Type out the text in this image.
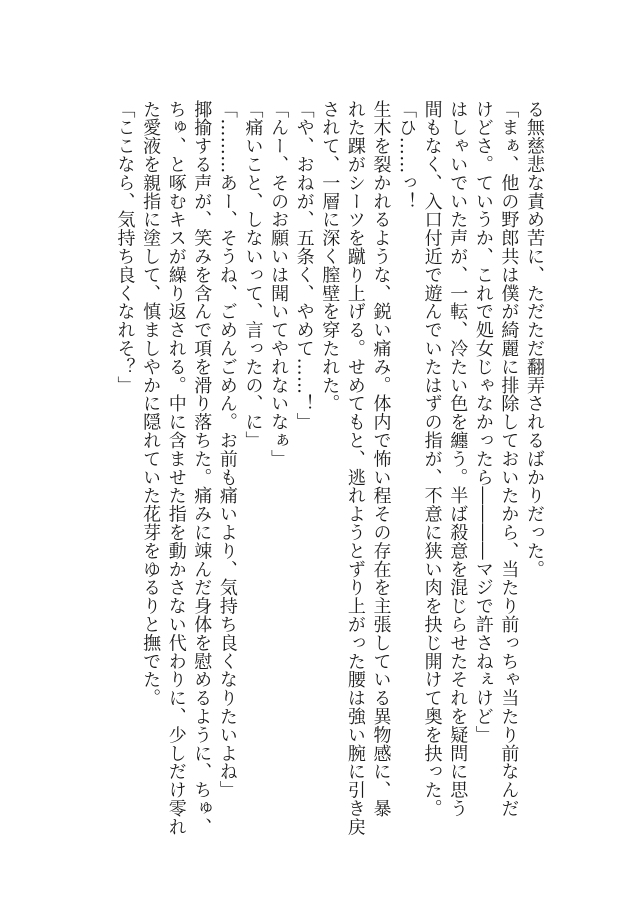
る無慈悲な責め苦に、ただただ翻弄されるばかりだった。
「まぁ、他の野郎共は僕が綺麗に排除しておいたから、当たり前っちゃ当たり前なんだ
けどさ。ていうか、これで処女じゃなかったら――――マジで許さねぇけど」
はしゃいでいた声が、一転、冷たい色を纏う。半ば殺意を混じらせたそれを疑問に思う
間もなく、入口付近で遊んでいたはずの指が、不意に狭い肉を抉じ開けて奥を抉った。
「ひ……っ！
生木を裂かれるような、鋭い痛み。体内で怖い程その存在を主張している異物感に、暴
れた踝がシーツを蹴り上げる。せめてもと、逃れようとずり上がった腰は強い腕に引き戻
されて、一層に深く膣壁を穿たれた。
「や、おねが、五条く、やめて……！」
「んー、そのお願いは聞いてやれないなぁ」
「痛いこと、しないって、言ったの、に」
「………あー、そうね、ごめんごめん。お前も痛いより、気持ち良くなりたいよね」
揶揄する声が、笑みを含んで項を滑り落ちた。痛みに竦んだ身体を慰めるように、ちゅ、
ちゅ、と啄むキスが繰り返される。中に含ませた指を動かさない代わりに、少しだけ零れ
た愛液を親指に塗して、慎ましやかに隠れていた花芽をゆるりと撫でた。
「ここなら、気持ち良くなれそ？」
